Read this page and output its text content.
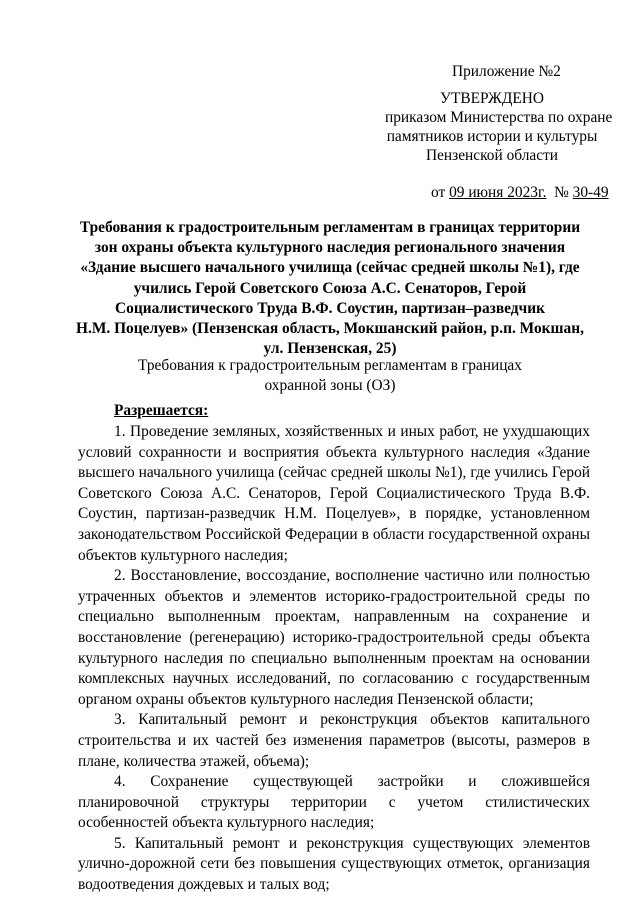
Приложение №2
УТВЕРЖДЕНО
приказом Министерства по охране
памятников истории и культуры
Пензенской области
от 09 июня 2023г.  № 30-49
Требования к градостроительным регламентам в границах территории
зон охраны объекта культурного наследия регионального значения
«Здание высшего начального училища (сейчас средней школы №1), где
учились Герой Советского Союза А.С. Сенаторов, Герой
Социалистического Труда В.Ф. Соустин, партизан–разведчик
Н.М. Поцелуев» (Пензенская область, Мокшанский район, р.п. Мокшан,
ул. Пензенская, 25)
Требования к градостроительным регламентам в границах
охранной зоны (ОЗ)
Разрешается:

1. Проведение земляных, хозяйственных и иных работ, не ухудшающих условий сохранности и восприятия объекта культурного наследия «Здание высшего начального училища (сейчас средней школы №1), где учились Герой Советского Союза А.С. Сенаторов, Герой Социалистического Труда В.Ф. Соустин, партизан-разведчик Н.М. Поцелуев», в порядке, установленном законодательством Российской Федерации в области государственной охраны объектов культурного наследия;

2. Восстановление, воссоздание, восполнение частично или полностью утраченных объектов и элементов историко-градостроительной среды по специально выполненным проектам, направленным на сохранение и восстановление (регенерацию) историко-градостроительной среды объекта культурного наследия по специально выполненным проектам на основании комплексных научных исследований, по согласованию с государственным органом охраны объектов культурного наследия Пензенской области;

3. Капитальный ремонт и реконструкция объектов капитального строительства и их частей без изменения параметров (высоты, размеров в плане, количества этажей, объема);

4. Сохранение существующей застройки и сложившейся планировочной структуры территории с учетом стилистических особенностей объекта культурного наследия;

5. Капитальный ремонт и реконструкция существующих элементов улично-дорожной сети без повышения существующих отметок, организация водоотведения дождевых и талых вод;
